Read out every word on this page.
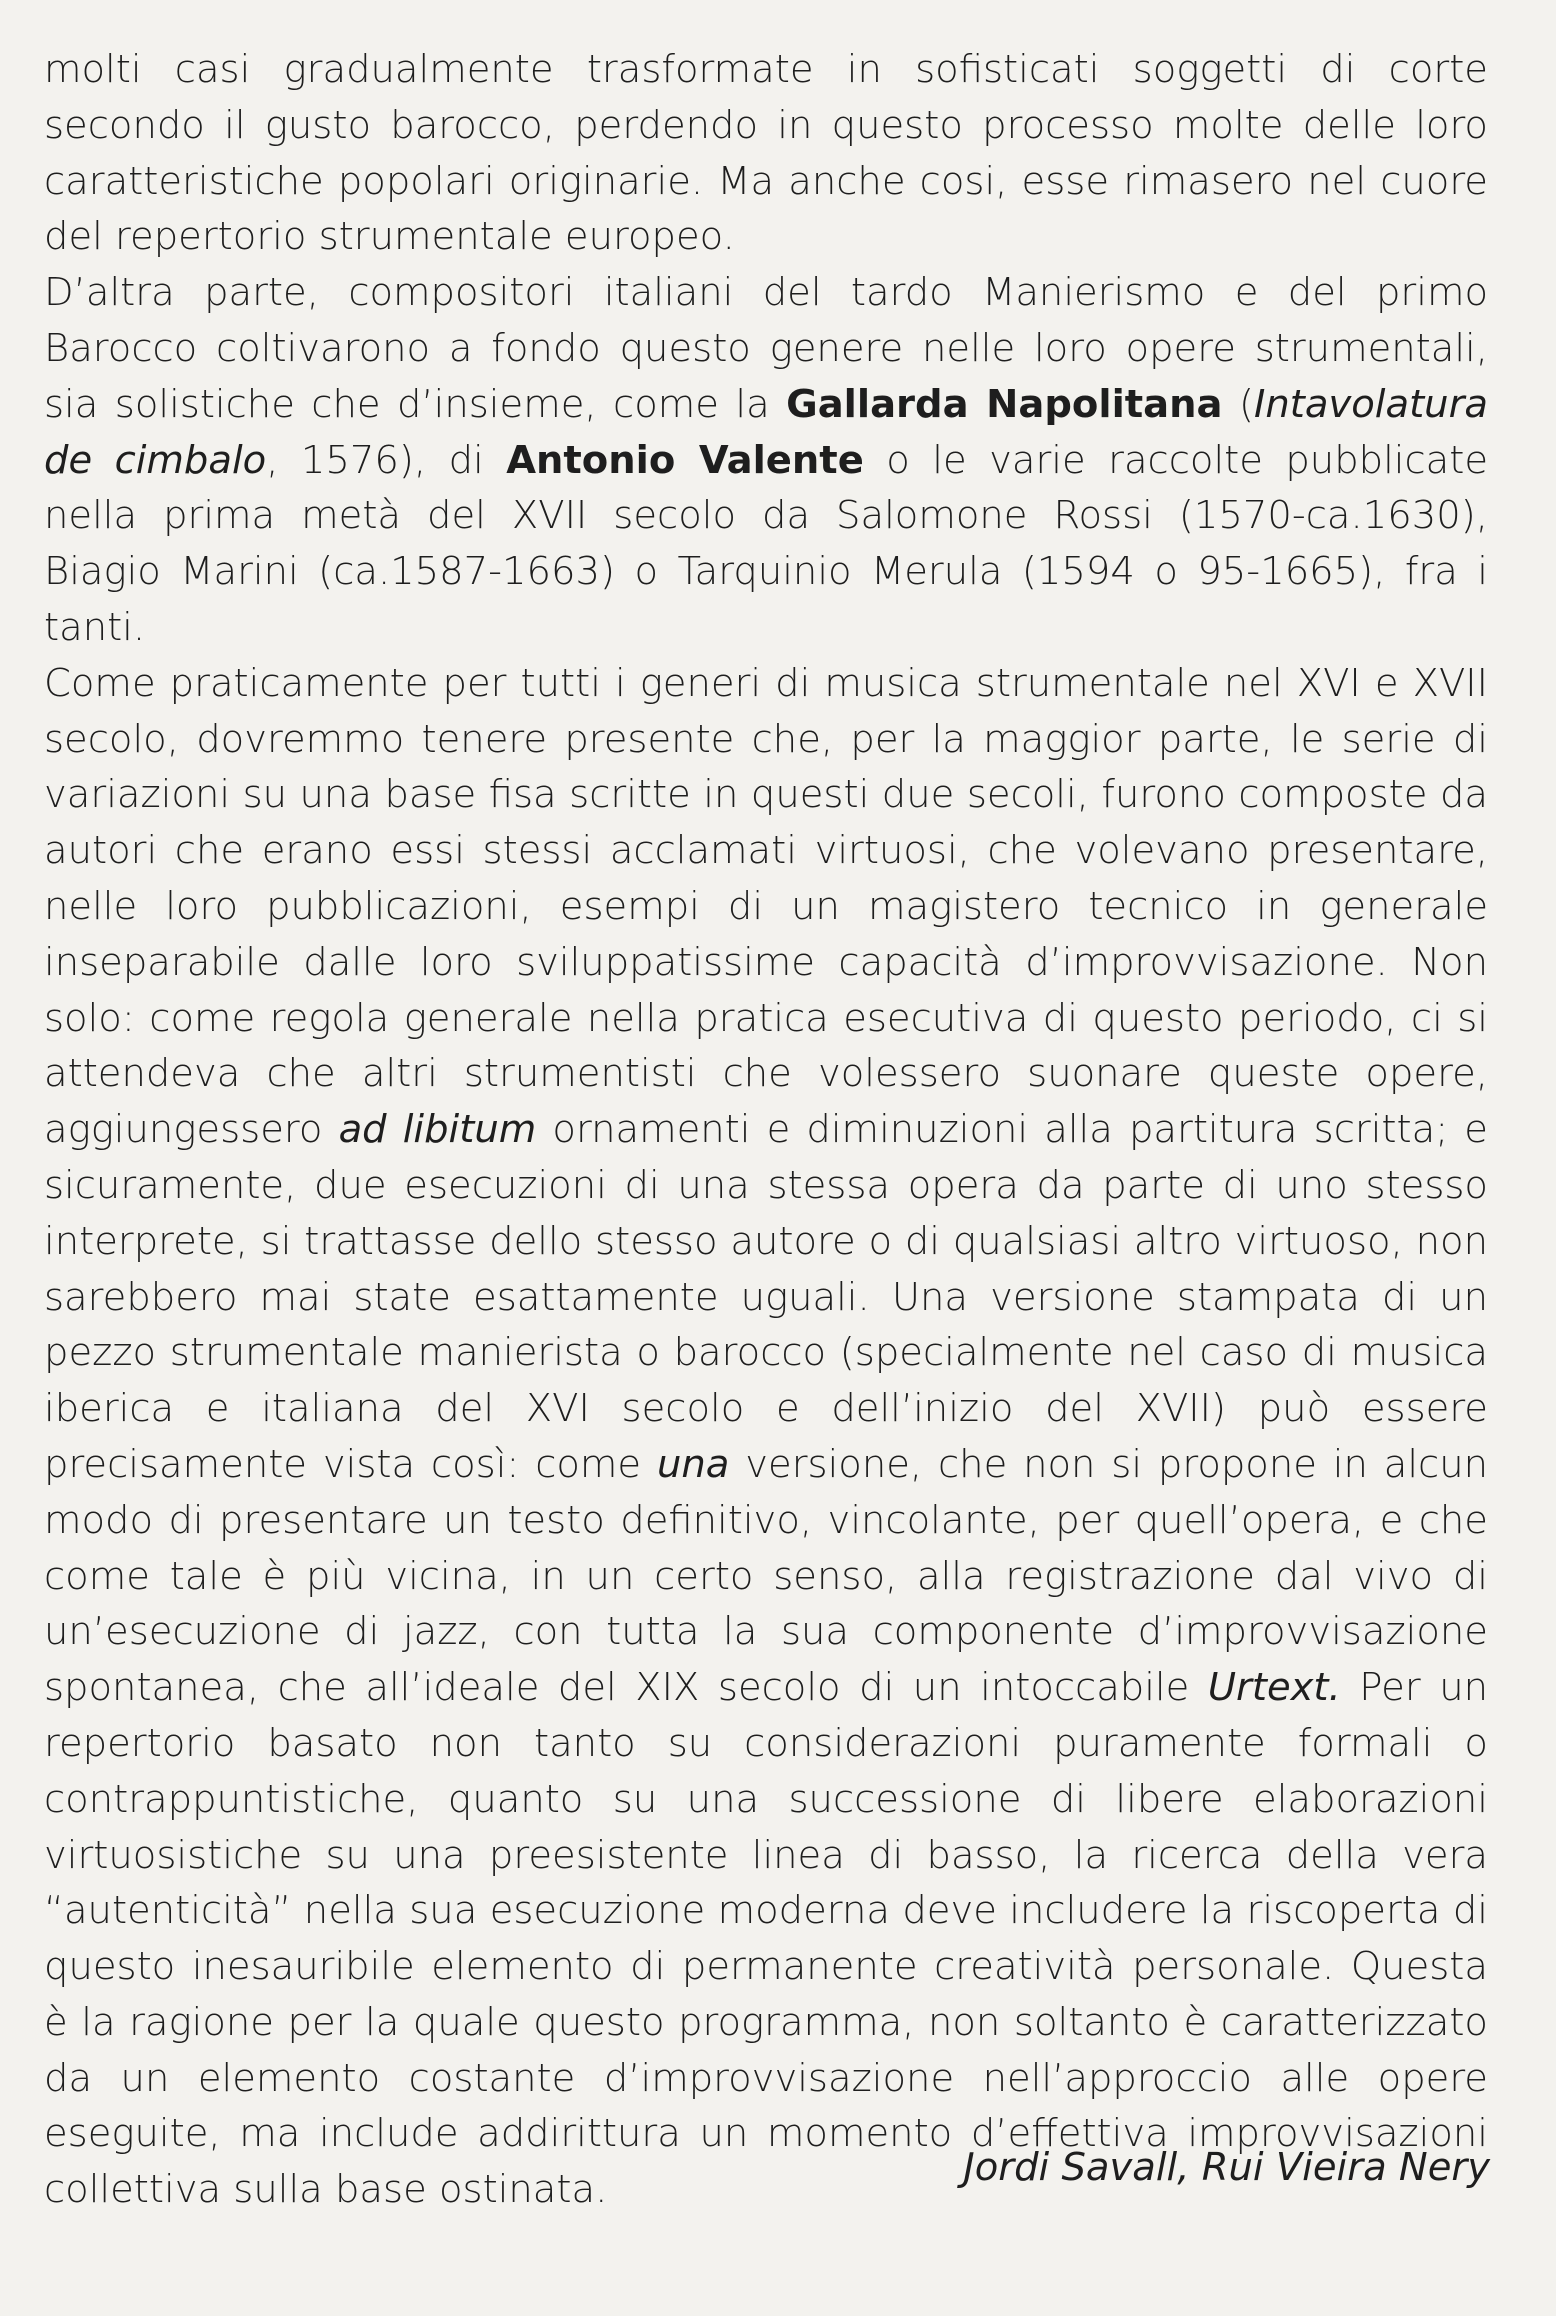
molti casi gradualmente trasformate in sofisticati soggetti di corte secondo il gusto barocco, perdendo in questo processo molte delle loro caratteristiche popolari originarie. Ma anche cosi, esse rimasero nel cuore del repertorio strumentale europeo.

D’altra parte, compositori italiani del tardo Manierismo e del primo Barocco coltivarono a fondo questo genere nelle loro opere strumentali, sia solistiche che d’insieme, come la Gallarda Napolitana (Intavolatura de cimbalo, 1576), di Antonio Valente o le varie raccolte pubblicate nella prima metà del XVII secolo da Salomone Rossi (1570-ca.1630), Biagio Marini (ca.1587-1663) o Tarquinio Merula (1594 o 95-1665), fra i tanti.

Come praticamente per tutti i generi di musica strumentale nel XVI e XVII secolo, dovremmo tenere presente che, per la maggior parte, le serie di variazioni su una base fisa scritte in questi due secoli, furono composte da autori che erano essi stessi acclamati virtuosi, che volevano presentare, nelle loro pubblicazioni, esempi di un magistero tecnico in generale inseparabile dalle loro sviluppatissime capacità d’improvvisazione. Non solo: come regola generale nella pratica esecutiva di questo periodo, ci si attendeva che altri strumentisti che volessero suonare queste opere, aggiungessero ad libitum ornamenti e diminuzioni alla partitura scritta; e sicuramente, due esecuzioni di una stessa opera da parte di uno stesso interprete, si trattasse dello stesso autore o di qualsiasi altro virtuoso, non sarebbero mai state esattamente uguali. Una versione stampata di un pezzo strumentale manierista o barocco (specialmente nel caso di musica iberica e italiana del XVI secolo e dell’inizio del XVII) può essere precisamente vista così: come una versione, che non si propone in alcun modo di presentare un testo definitivo, vincolante, per quell’opera, e che come tale è più vicina, in un certo senso, alla registrazione dal vivo di un’esecuzione di jazz, con tutta la sua componente d’improvvisazione spontanea, che all’ideale del XIX secolo di un intoccabile Urtext. Per un repertorio basato non tanto su considerazioni puramente formali o contrappuntistiche, quanto su una successione di libere elaborazioni virtuosistiche su una preesistente linea di basso, la ricerca della vera “autenticità” nella sua esecuzione moderna deve includere la riscoperta di questo inesauribile elemento di permanente creatività personale. Questa è la ragione per la quale questo programma, non soltanto è caratterizzato da un elemento costante d’improvvisazione nell’approccio alle opere eseguite, ma include addirittura un momento d’effettiva improvvisazioni collettiva sulla base ostinata.	Jordi Savall, Rui Vieira Nery
